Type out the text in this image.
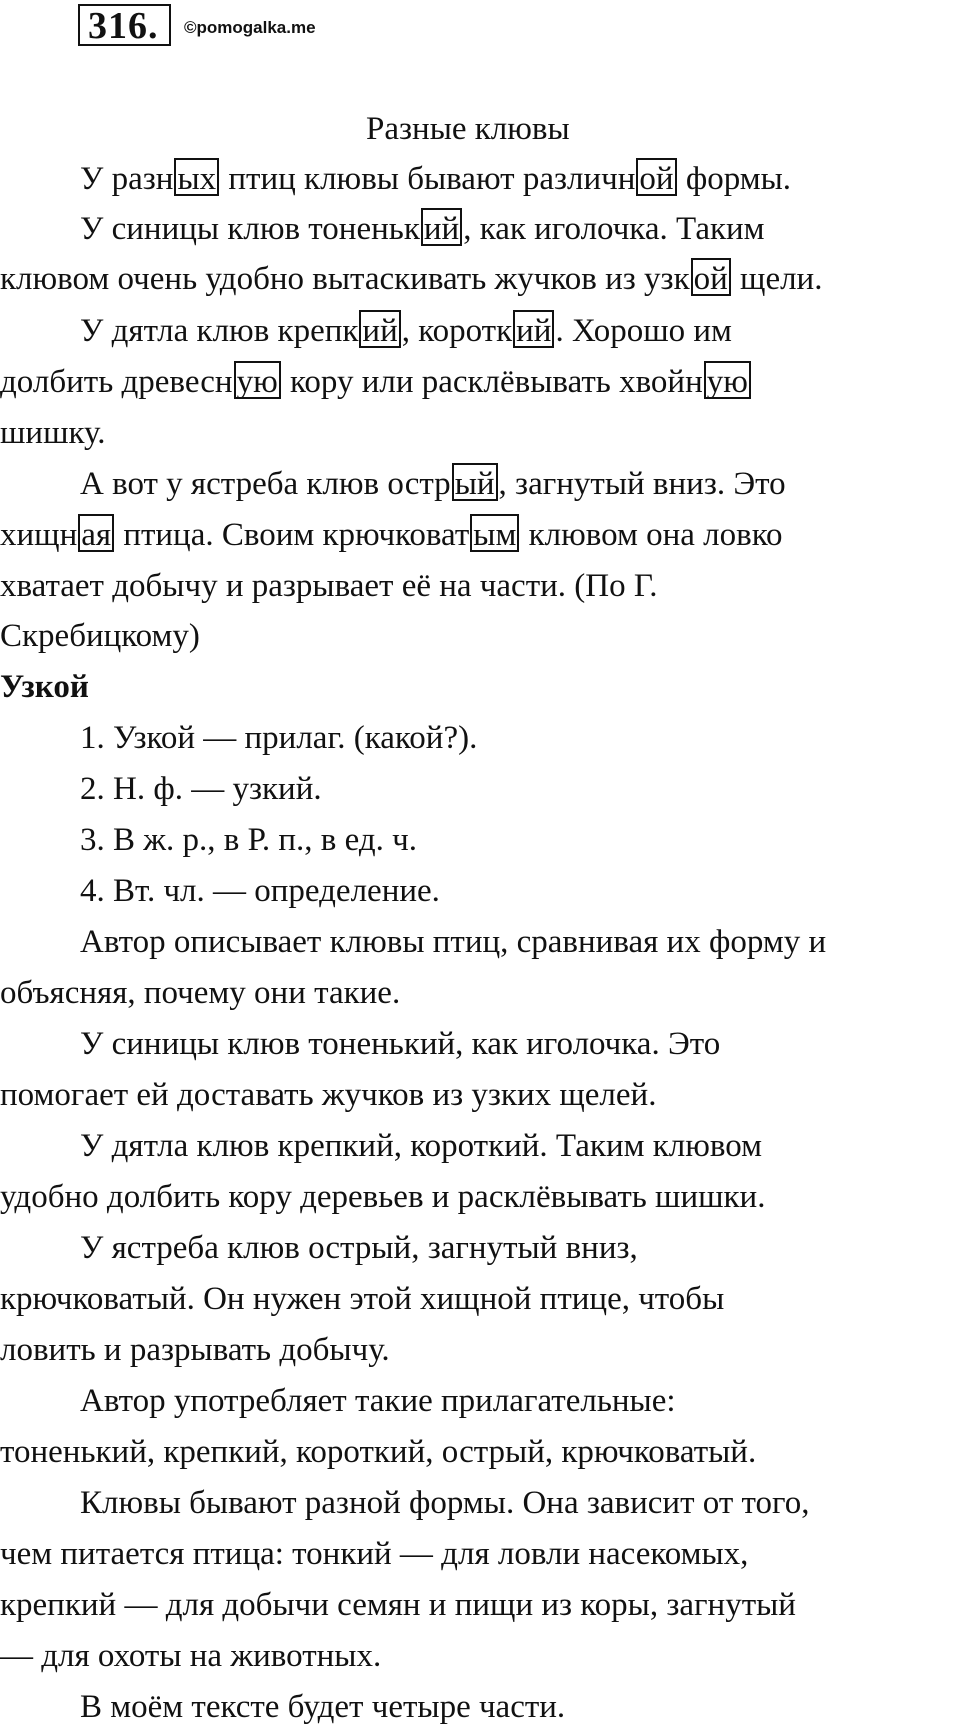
316. ©pomogalka.me
Разные клювы
У разн ых птиц клювы бывают различн ой формы.
У синицы клюв тоненьк ий , как иголочка. Таким
клювом очень удобно вытаскивать жучков из узк ой щели.
У дятла клюв крепк ий , коротк ий . Хорошо им
долбить древесн ую кору или расклёвывать хвойн ую
шишку.
А вот у ястреба клюв остр ый , загнутый вниз. Это
хищн ая птица. Своим крючковат ым клювом она ловко
хватает добычу и разрывает её на части. (По Г.
Скребицкому)
Узкой
1. Узкой — прилаг. (какой?).
2. Н. ф. — узкий.
3. В ж. р., в Р. п., в ед. ч.
4. Вт. чл. — определение.
Автор описывает клювы птиц, сравнивая их форму и
объясняя, почему они такие.
У синицы клюв тоненький, как иголочка. Это
помогает ей доставать жучков из узких щелей.
У дятла клюв крепкий, короткий. Таким клювом
удобно долбить кору деревьев и расклёвывать шишки.
У ястреба клюв острый, загнутый вниз,
крючковатый. Он нужен этой хищной птице, чтобы
ловить и разрывать добычу.
Автор употребляет такие прилагательные:
тоненький, крепкий, короткий, острый, крючковатый.
Клювы бывают разной формы. Она зависит от того,
чем питается птица: тонкий — для ловли насекомых,
крепкий — для добычи семян и пищи из коры, загнутый
— для охоты на животных.
В моём тексте будет четыре части.
